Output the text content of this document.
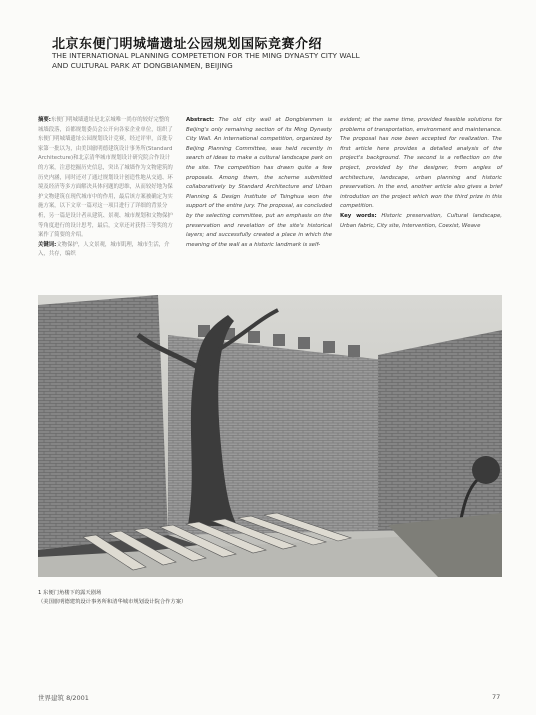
北京东便门明城墙遗址公园规划国际竞赛介绍
THE INTERNATIONAL PLANNING COMPETETION FOR THE MING DYNASTY CITY WALL
AND CULTURAL PARK AT DONGBIANMEN, BEIJING
摘要:东便门明城墙遗址是北京城唯一尚存的较好完整的城墙段落，首都规划委员会公开向各家企业单位，组织了东便门明城墙遗址公园规划设计竞赛，经过评审，首批专家第一批以为，由美国旅明德建筑设计事务所(Standard Architecture)和北京清华城市规划设计研究院合作设计的方案，注意挖掘历史信息，突出了城墙作为文物建筑的历史内涵，同时还对了通过规划设计创造性地从交通、环境及经济等多方面解决具体问题的思维，从而较好地为保护文物建筑在现代城市中的作用，最后该方案被确定为实施方案，以下文章一篇对这一项目进行了详细的背景分析，另一篇是设计者从建筑、景观、城市规划和文物保护等角度进行的设计思考，最后，文章还对获得三等奖的方案作了简要的介绍。
关键词:文物保护，人文景观，城市肌理，城市生活，介入，共存，编织
Abstract: The old city wall at Dongbianmen is Beijing's only remaining section of its Ming Dynasty City Wall. An international competition, organized by Beijing Planning Committee, was held recently in search of ideas to make a cultural landscape park on the site. The competition has drawn quite a few proposals. Among them, the scheme submitted collaboratively by Standard Architecture and Urban Planning & Design Institute of Tsinghua won the support of the entire jury. The proposal, as concluded by the selecting committee, put an emphasis on the preservation and revelation of the site's historical layers; and successfully created a place in which the meaning of the wall as a historic landmark is self-
evident; at the same time, provided feasible solutions for problems of transportation, environment and maintenance. The proposal has now been accepted for realization. The first article here provides a detailed analysis of the project's background. The second is a reflection on the project, provided by the designer, from angles of architecture, landscape, urban planning and historic preservation. In the end, another article also gives a brief introdution on the project which won the third prize in this competition.
Key words: Historic preservation, Cultural landscape, Urban fabric, City site, Intervention, Coexist, Weave
1 东便门角楼下的露天剧场
（美国旅明德建筑设计事务所和清华城市规划设计院合作方案）
世界建筑 8/2001	77
